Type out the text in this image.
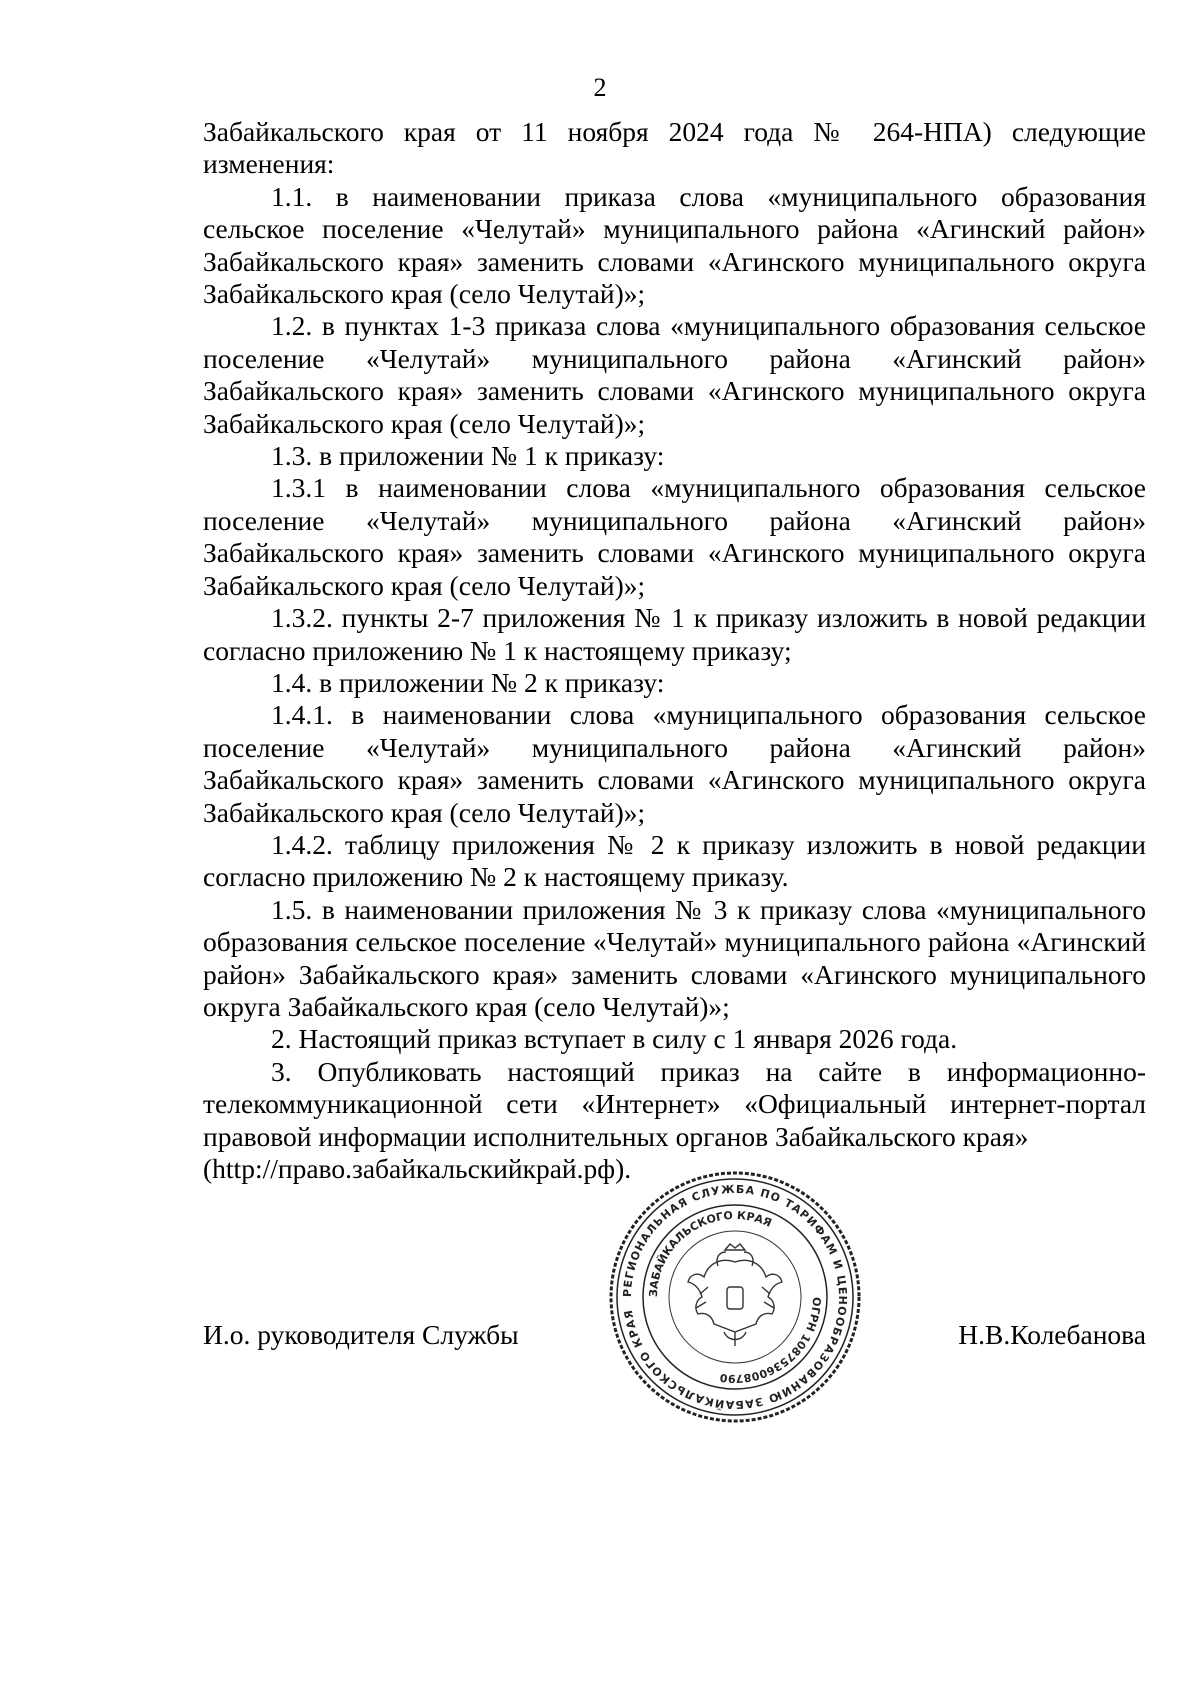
2

Забайкальского края от 11 ноября 2024 года № 264-НПА) следующие изменения:

1.1. в наименовании приказа слова «муниципального образования сельское поселение «Челутай» муниципального района «Агинский район» Забайкальского края» заменить словами «Агинского муниципального округа Забайкальского края (село Челутай)»;

1.2. в пунктах 1-3 приказа слова «муниципального образования сельское поселение «Челутай» муниципального района «Агинский район» Забайкальского края» заменить словами «Агинского муниципального округа Забайкальского края (село Челутай)»;

1.3. в приложении № 1 к приказу:

1.3.1 в наименовании слова «муниципального образования сельское поселение «Челутай» муниципального района «Агинский район» Забайкальского края» заменить словами «Агинского муниципального округа Забайкальского края (село Челутай)»;

1.3.2. пункты 2-7 приложения № 1 к приказу изложить в новой редакции согласно приложению № 1 к настоящему приказу;

1.4. в приложении № 2 к приказу:

1.4.1. в наименовании слова «муниципального образования сельское поселение «Челутай» муниципального района «Агинский район» Забайкальского края» заменить словами «Агинского муниципального округа Забайкальского края (село Челутай)»;

1.4.2. таблицу приложения № 2 к приказу изложить в новой редакции согласно приложению № 2 к настоящему приказу.

1.5. в наименовании приложения № 3 к приказу слова «муниципального образования сельское поселение «Челутай» муниципального района «Агинский район» Забайкальского края» заменить словами «Агинского муниципального округа Забайкальского края (село Челутай)»;

2. Настоящий приказ вступает в силу с 1 января 2026 года.

3. Опубликовать настоящий приказ на сайте в информационно-телекоммуникационной сети «Интернет» «Официальный интернет-портал правовой информации исполнительных органов Забайкальского края»

(http://право.забайкальскийкрай.рф).

И.о. руководителя Службы	Н.В.Колебанова
РЕГИОНАЛЬНАЯ СЛУЖБА ПО ТАРИФАМ И ЦЕНООБРАЗОВАНИЮ ЗАБАЙКАЛЬСКОГО КРАЯ
ЗАБАЙКАЛЬСКОГО КРАЯ
ОГРН 1087536008790
